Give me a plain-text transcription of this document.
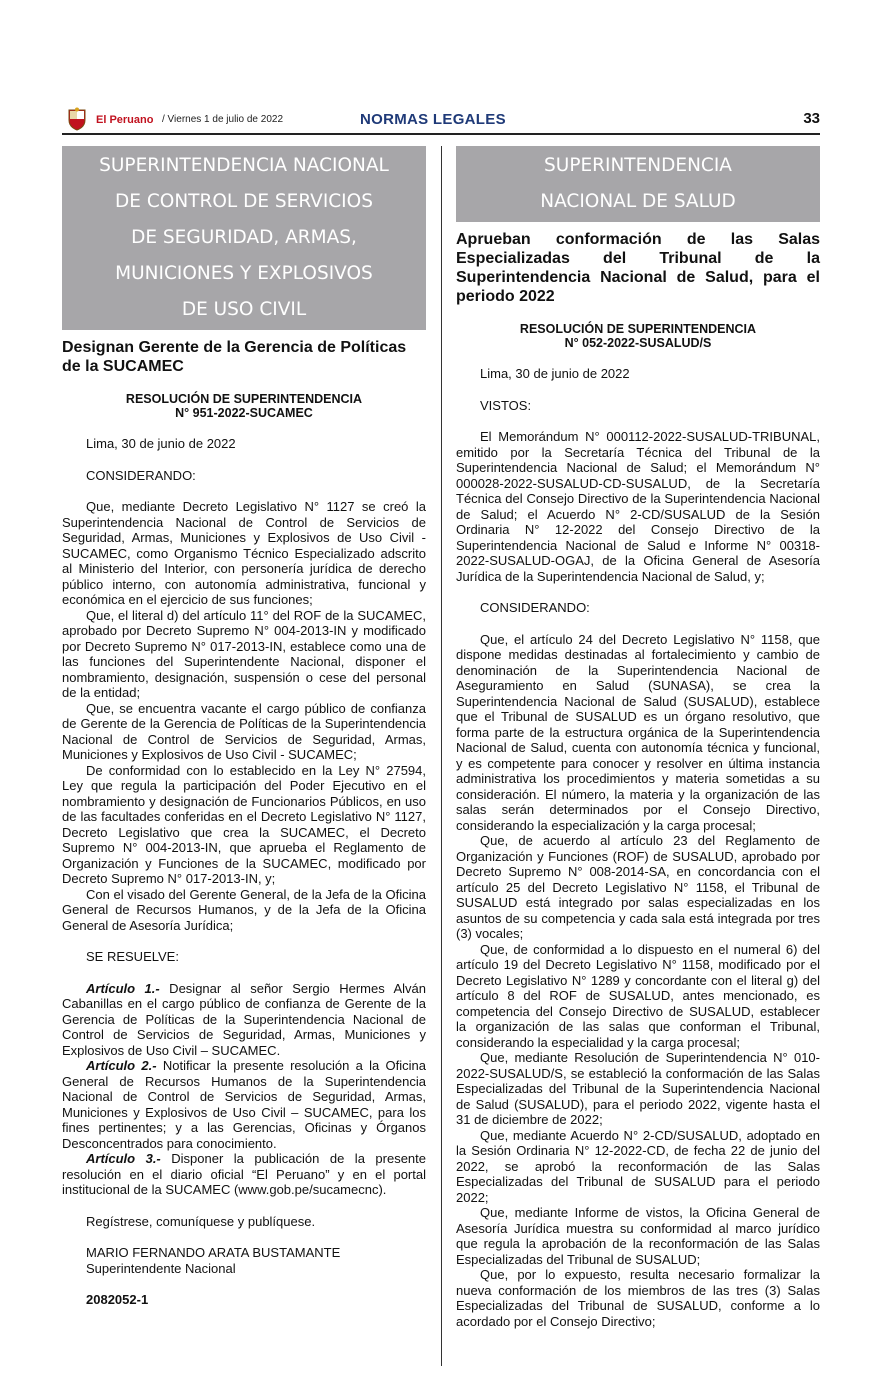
El Peruano / Viernes 1 de julio de 2022	NORMAS LEGALES	33
SUPERINTENDENCIA NACIONAL
DE CONTROL DE SERVICIOS
DE SEGURIDAD, ARMAS,
MUNICIONES Y EXPLOSIVOS
DE USO CIVIL
Designan Gerente de la Gerencia de Políticas de la SUCAMEC
RESOLUCIÓN DE SUPERINTENDENCIA
N° 951-2022-SUCAMEC

Lima, 30 de junio de 2022

CONSIDERANDO:

Que, mediante Decreto Legislativo N° 1127 se creó la Superintendencia Nacional de Control de Servicios de Seguridad, Armas, Municiones y Explosivos de Uso Civil - SUCAMEC, como Organismo Técnico Especializado adscrito al Ministerio del Interior, con personería jurídica de derecho público interno, con autonomía administrativa, funcional y económica en el ejercicio de sus funciones;

Que, el literal d) del artículo 11° del ROF de la SUCAMEC, aprobado por Decreto Supremo N° 004-2013-IN y modificado por Decreto Supremo N° 017-2013-IN, establece como una de las funciones del Superintendente Nacional, disponer el nombramiento, designación, suspensión o cese del personal de la entidad;

Que, se encuentra vacante el cargo público de confianza de Gerente de la Gerencia de Políticas de la Superintendencia Nacional de Control de Servicios de Seguridad, Armas, Municiones y Explosivos de Uso Civil - SUCAMEC;

De conformidad con lo establecido en la Ley N° 27594, Ley que regula la participación del Poder Ejecutivo en el nombramiento y designación de Funcionarios Públicos, en uso de las facultades conferidas en el Decreto Legislativo N° 1127, Decreto Legislativo que crea la SUCAMEC, el Decreto Supremo N° 004-2013-IN, que aprueba el Reglamento de Organización y Funciones de la SUCAMEC, modificado por Decreto Supremo N° 017-2013-IN, y;

Con el visado del Gerente General, de la Jefa de la Oficina General de Recursos Humanos, y de la Jefa de la Oficina General de Asesoría Jurídica;

SE RESUELVE:

Artículo 1.- Designar al señor Sergio Hermes Alván Cabanillas en el cargo público de confianza de Gerente de la Gerencia de Políticas de la Superintendencia Nacional de Control de Servicios de Seguridad, Armas, Municiones y Explosivos de Uso Civil – SUCAMEC.

Artículo 2.- Notificar la presente resolución a la Oficina General de Recursos Humanos de la Superintendencia Nacional de Control de Servicios de Seguridad, Armas, Municiones y Explosivos de Uso Civil – SUCAMEC, para los fines pertinentes; y a las Gerencias, Oficinas y Órganos Desconcentrados para conocimiento.

Artículo 3.- Disponer la publicación de la presente resolución en el diario oficial “El Peruano” y en el portal institucional de la SUCAMEC (www.gob.pe/sucamecnc).

Regístrese, comuníquese y publíquese.

MARIO FERNANDO ARATA BUSTAMANTE
Superintendente Nacional
2082052-1
SUPERINTENDENCIA
NACIONAL DE SALUD
Aprueban conformación de las Salas Especializadas del Tribunal de la Superintendencia Nacional de Salud, para el periodo 2022
RESOLUCIÓN DE SUPERINTENDENCIA
N° 052-2022-SUSALUD/S

Lima, 30 de junio de 2022

VISTOS:

El Memorándum N° 000112-2022-SUSALUD-TRIBUNAL, emitido por la Secretaría Técnica del Tribunal de la Superintendencia Nacional de Salud; el Memorándum N° 000028-2022-SUSALUD-CD-SUSALUD, de la Secretaría Técnica del Consejo Directivo de la Superintendencia Nacional de Salud; el Acuerdo N° 2-CD/SUSALUD de la Sesión Ordinaria N° 12-2022 del Consejo Directivo de la Superintendencia Nacional de Salud e Informe N° 00318-2022-SUSALUD-OGAJ, de la Oficina General de Asesoría Jurídica de la Superintendencia Nacional de Salud, y;

CONSIDERANDO:

Que, el artículo 24 del Decreto Legislativo N° 1158, que dispone medidas destinadas al fortalecimiento y cambio de denominación de la Superintendencia Nacional de Aseguramiento en Salud (SUNASA), se crea la Superintendencia Nacional de Salud (SUSALUD), establece que el Tribunal de SUSALUD es un órgano resolutivo, que forma parte de la estructura orgánica de la Superintendencia Nacional de Salud, cuenta con autonomía técnica y funcional, y es competente para conocer y resolver en última instancia administrativa los procedimientos y materia sometidas a su consideración. El número, la materia y la organización de las salas serán determinados por el Consejo Directivo, considerando la especialización y la carga procesal;

Que, de acuerdo al artículo 23 del Reglamento de Organización y Funciones (ROF) de SUSALUD, aprobado por Decreto Supremo N° 008-2014-SA, en concordancia con el artículo 25 del Decreto Legislativo N° 1158, el Tribunal de SUSALUD está integrado por salas especializadas en los asuntos de su competencia y cada sala está integrada por tres (3) vocales;

Que, de conformidad a lo dispuesto en el numeral 6) del artículo 19 del Decreto Legislativo N° 1158, modificado por el Decreto Legislativo N° 1289 y concordante con el literal g) del artículo 8 del ROF de SUSALUD, antes mencionado, es competencia del Consejo Directivo de SUSALUD, establecer la organización de las salas que conforman el Tribunal, considerando la especialidad y la carga procesal;

Que, mediante Resolución de Superintendencia N° 010-2022-SUSALUD/S, se estableció la conformación de las Salas Especializadas del Tribunal de la Superintendencia Nacional de Salud (SUSALUD), para el periodo 2022, vigente hasta el 31 de diciembre de 2022;

Que, mediante Acuerdo N° 2-CD/SUSALUD, adoptado en la Sesión Ordinaria N° 12-2022-CD, de fecha 22 de junio del 2022, se aprobó la reconformación de las Salas Especializadas del Tribunal de SUSALUD para el periodo 2022;

Que, mediante Informe de vistos, la Oficina General de Asesoría Jurídica muestra su conformidad al marco jurídico que regula la aprobación de la reconformación de las Salas Especializadas del Tribunal de SUSALUD;

Que, por lo expuesto, resulta necesario formalizar la nueva conformación de los miembros de las tres (3) Salas Especializadas del Tribunal de SUSALUD, conforme a lo acordado por el Consejo Directivo;
